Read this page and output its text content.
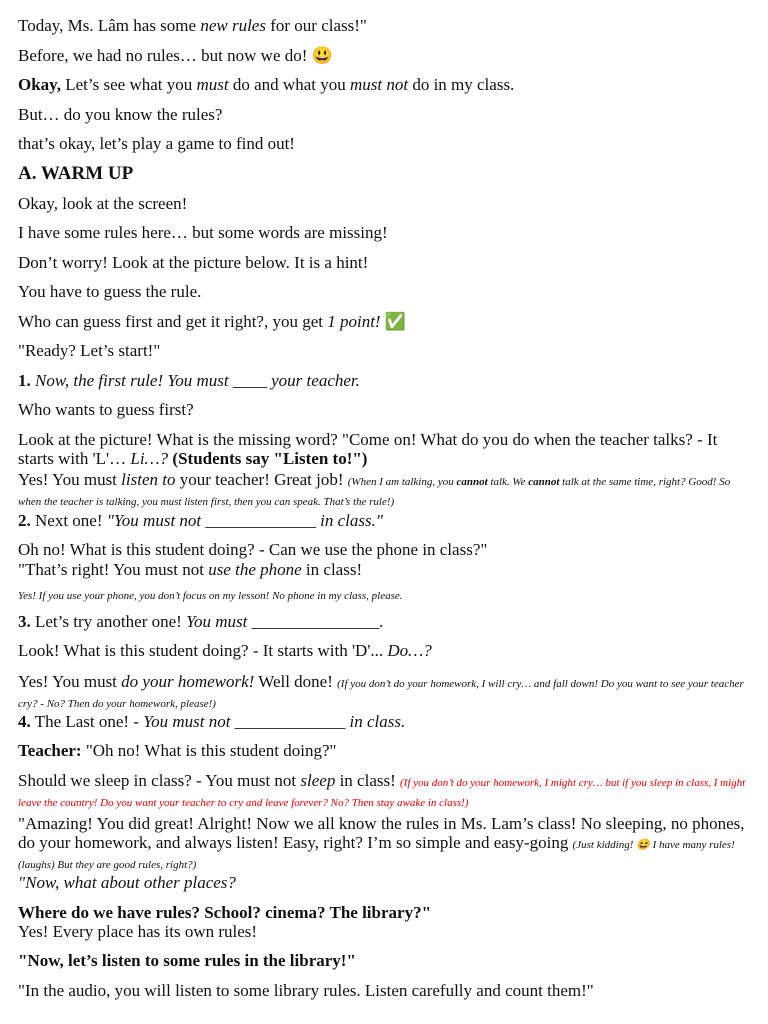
Today, Ms. Lâm has some new rules for our class!"

Before, we had no rules… but now we do! 😃

Okay, Let’s see what you must do and what you must not do in my class.

But… do you know the rules?

that’s okay, let’s play a game to find out!

A. WARM UP

Okay, look at the screen!

I have some rules here… but some words are missing!

Don’t worry! Look at the picture below. It is a hint!

You have to guess the rule.

Who can guess first and get it right?, you get 1 point! ✅

"Ready? Let’s start!"

1. Now, the first rule! You must ____ your teacher.

Who wants to guess first?

Look at the picture! What is the missing word? "Come on! What do you do when the teacher talks? - It starts with 'L'… Li…? (Students say "Listen to!")

Yes! You must listen to your teacher! Great job! (When I am talking, you cannot talk. We cannot talk at the same time, right? Good! So when the teacher is talking, you must listen first, then you can speak. That’s the rule!)

2. Next one! "You must not _____________ in class."

Oh no! What is this student doing? - Can we use the phone in class?"

"That’s right! You must not use the phone in class!

Yes! If you use your phone, you don’t focus on my lesson! No phone in my class, please.

3. Let’s try another one! You must _______________.

Look! What is this student doing? - It starts with 'D'... Do…?

Yes! You must do your homework! Well done! (If you don’t do your homework, I will cry… and fall down! Do you want to see your teacher cry? - No? Then do your homework, please!)

4. The Last one! - You must not _____________ in class.

Teacher: "Oh no! What is this student doing?"

Should we sleep in class? - You must not sleep in class! (If you don’t do your homework, I might cry… but if you sleep in class, I might leave the country! Do you want your teacher to cry and leave forever? No? Then stay awake in class!)

"Amazing! You did great! Alright! Now we all know the rules in Ms. Lam’s class! No sleeping, no phones, do your homework, and always listen! Easy, right? I’m so simple and easy-going (Just kidding! 😆 I have many rules! (laughs) But they are good rules, right?)

"Now, what about other places?

Where do we have rules? School? cinema? The library?"

Yes! Every place has its own rules!

"Now, let’s listen to some rules in the library!"

"In the audio, you will listen to some library rules. Listen carefully and count them!"
